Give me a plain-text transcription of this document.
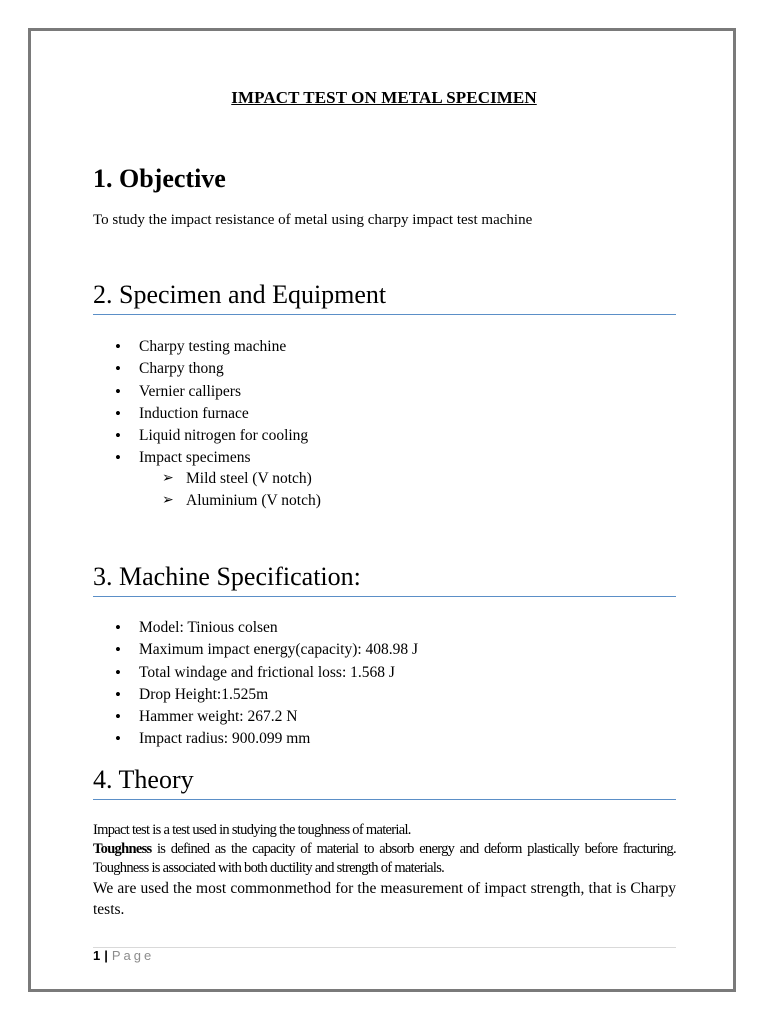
IMPACT TEST ON METAL SPECIMEN
1. Objective
To study the impact resistance of metal using charpy impact test machine
2. Specimen and Equipment
• Charpy testing machine
• Charpy thong
• Vernier callipers
• Induction furnace
• Liquid nitrogen for cooling
• Impact specimens
➢ Mild steel (V notch)
➢ Aluminium (V notch)
3. Machine Specification:
• Model: Tinious colsen
• Maximum impact energy(capacity): 408.98 J
• Total windage and frictional loss: 1.568 J
• Drop Height:1.525m
• Hammer weight: 267.2 N
• Impact radius: 900.099 mm
4. Theory

Impact test is a test used in studying the toughness of material.

Toughness is defined as the capacity of material to absorb energy and deform plastically before fracturing. Toughness is associated with both ductility and strength of materials.

We are used the most commonmethod for the measurement of impact strength, that is Charpy tests.

1 | Page
